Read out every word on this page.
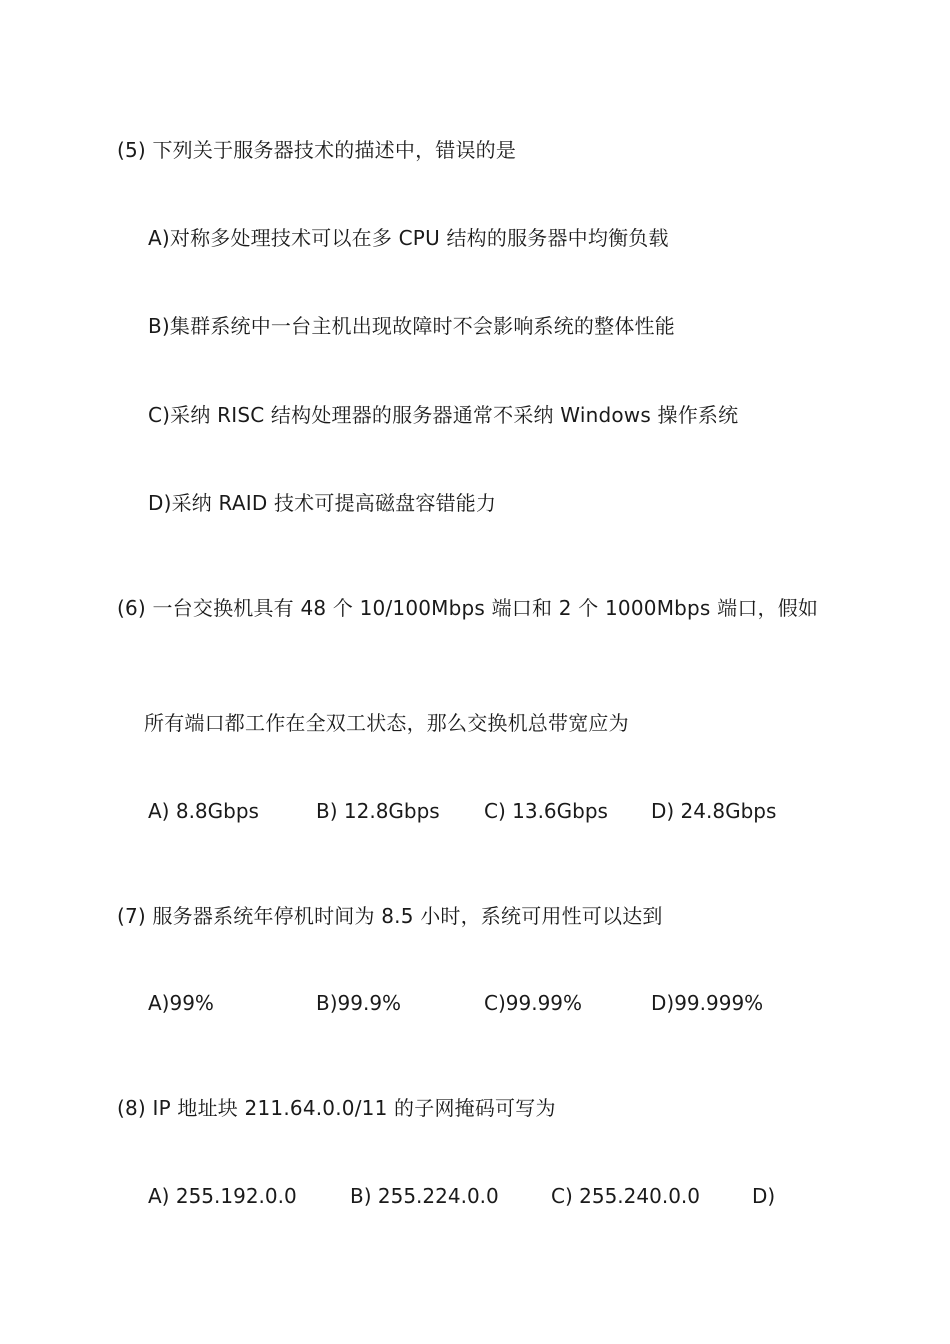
(5) 下列关于服务器技术的描述中，错误的是
A)对称多处理技术可以在多 CPU 结构的服务器中均衡负载
B)集群系统中一台主机出现故障时不会影响系统的整体性能
C)采纳 RISC 结构处理器的服务器通常不采纳 Windows 操作系统
D)采纳 RAID 技术可提高磁盘容错能力
(6) 一台交换机具有 48 个 10/100Mbps 端口和 2 个 1000Mbps 端口，假如
所有端口都工作在全双工状态，那么交换机总带宽应为
A) 8.8Gbps	B) 12.8Gbps C) 13.6Gbps D) 24.8Gbps
(7) 服务器系统年停机时间为 8.5 小时，系统可用性可以达到
A)99%	B)99.9%	C)99.99%	D)99.999%
(8) IP 地址块 211.64.0.0/11 的子网掩码可写为
A) 255.192.0.0	B) 255.224.0.0	C) 255.240.0.0	D)
